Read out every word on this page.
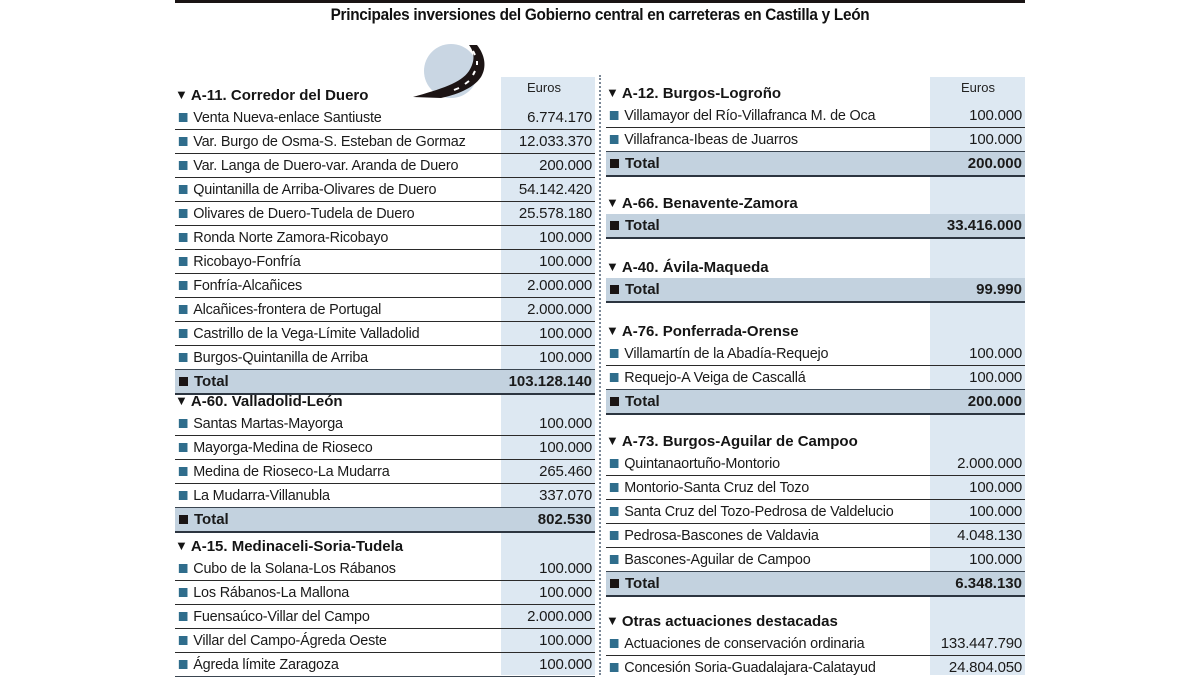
Principales inversiones del Gobierno central en carreteras en Castilla y León
Euros
▼ A-11. Corredor del Duero
Venta Nueva-enlace Santiuste	6.774.170
Var. Burgo de Osma-S. Esteban de Gormaz	12.033.370
Var. Langa de Duero-var. Aranda de Duero	200.000
Quintanilla de Arriba-Olivares de Duero	54.142.420
Olivares de Duero-Tudela de Duero	25.578.180
Ronda Norte Zamora-Ricobayo	100.000
Ricobayo-Fonfría	100.000
Fonfría-Alcañices	2.000.000
Alcañices-frontera de Portugal	2.000.000
Castrillo de la Vega-Límite Valladolid	100.000
Burgos-Quintanilla de Arriba	100.000
Total	103.128.140
▼ A-60. Valladolid-León
Santas Martas-Mayorga	100.000
Mayorga-Medina de Rioseco	100.000
Medina de Rioseco-La Mudarra	265.460
La Mudarra-Villanubla	337.070
Total	802.530
▼ A-15. Medinaceli-Soria-Tudela
Cubo de la Solana-Los Rábanos	100.000
Los Rábanos-La Mallona	100.000
Fuensaúco-Villar del Campo	2.000.000
Villar del Campo-Ágreda Oeste	100.000
Ágreda límite Zaragoza	100.000
Euros
▼ A-12. Burgos-Logroño
Villamayor del Río-Villafranca M. de Oca	100.000
Villafranca-Ibeas de Juarros	100.000
Total	200.000
▼ A-66. Benavente-Zamora
Total	33.416.000
▼ A-40. Ávila-Maqueda
Total	99.990
▼ A-76. Ponferrada-Orense
Villamartín de la Abadía-Requejo	100.000
Requejo-A Veiga de Cascallá	100.000
Total	200.000
▼ A-73. Burgos-Aguilar de Campoo
Quintanaortuño-Montorio	2.000.000
Montorio-Santa Cruz del Tozo	100.000
Santa Cruz del Tozo-Pedrosa de Valdelucio	100.000
Pedrosa-Bascones de Valdavia	4.048.130
Bascones-Aguilar de Campoo	100.000
Total	6.348.130
▼ Otras actuaciones destacadas
Actuaciones de conservación ordinaria	133.447.790
Concesión Soria-Guadalajara-Calatayud	24.804.050
